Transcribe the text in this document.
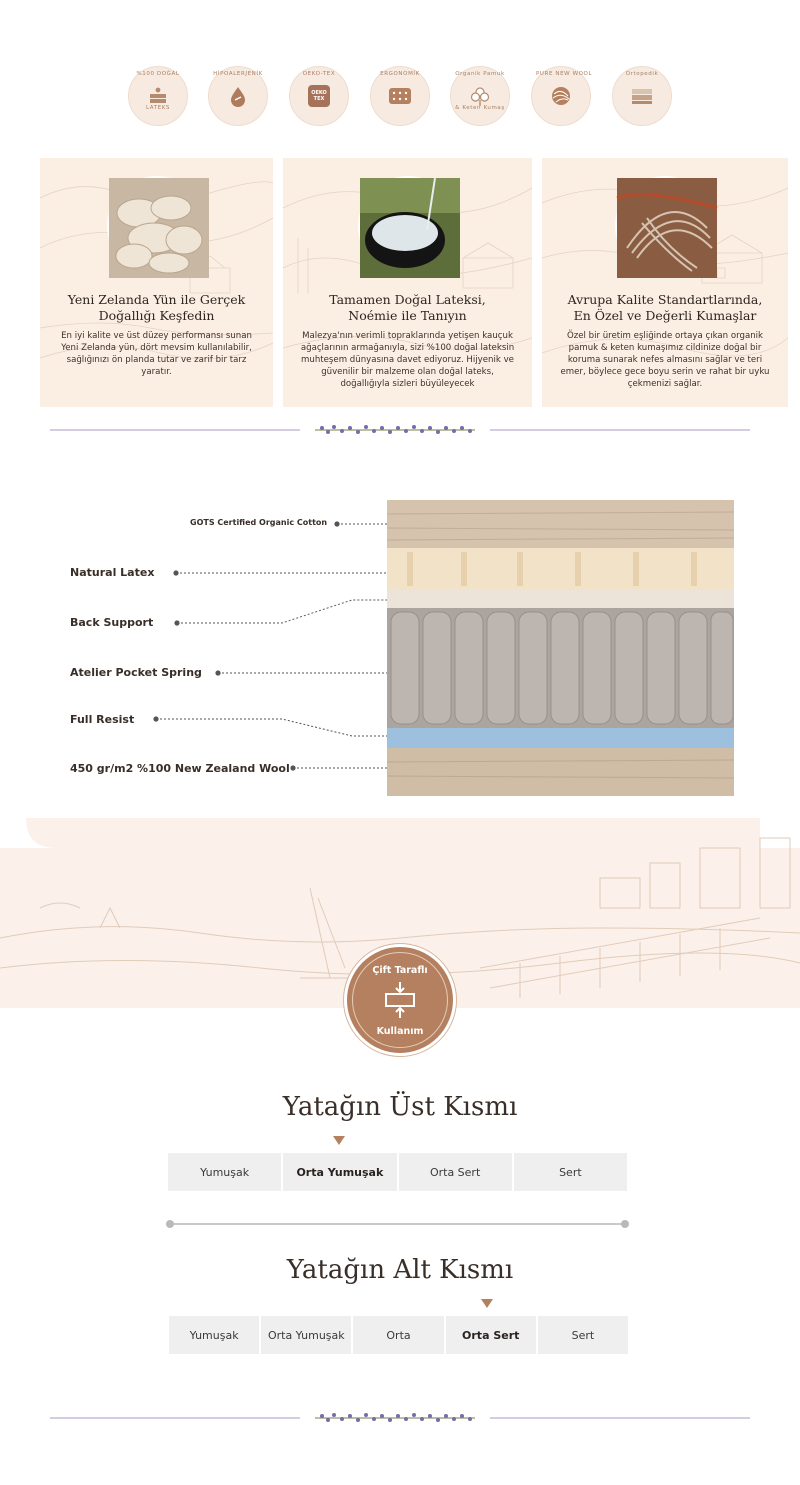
%100 DOĞAL
LATEKS
HİPOALERJENİK	OEKO-TEX
OEKO TEX
ERGONOMİK	Organik Pamuk
& Keten Kumaş
PURE NEW WOOL	Ortopedik
Yeni Zelanda Yün ile Gerçek
Doğallığı Keşfedin

En iyi kalite ve üst düzey performansı sunan Yeni Zelanda yün, dört mevsim kullanılabilir, sağlığınızı ön planda tutar ve zarif bir tarz yaratır.

Tamamen Doğal Lateksi,
Noémie ile Tanıyın

Malezya'nın verimli topraklarında yetişen kauçuk ağaçlarının armağanıyla, sizi %100 doğal lateksin muhteşem dünyasına davet ediyoruz. Hijyenik ve güvenilir bir malzeme olan doğal lateks, doğallığıyla sizleri büyüleyecek

Avrupa Kalite Standartlarında,
En Özel ve Değerli Kumaşlar

Özel bir üretim eşliğinde ortaya çıkan organik pamuk & keten kumaşımız cildinize doğal bir koruma sunarak nefes almasını sağlar ve teri emer, böylece gece boyu serin ve rahat bir uyku çekmenizi sağlar.

GOTS Certified Organic Cotton
Natural Latex
Back Support
Atelier Pocket Spring
Full Resist
450 gr/m2 %100 New Zealand Wool
Çift Taraflı
Kullanım
Yatağın Üst Kısmı
Yumuşak	Orta Yumuşak	Orta Sert	Sert
Yatağın Alt Kısmı
Yumuşak	Orta Yumuşak	Orta	Orta Sert	Sert
